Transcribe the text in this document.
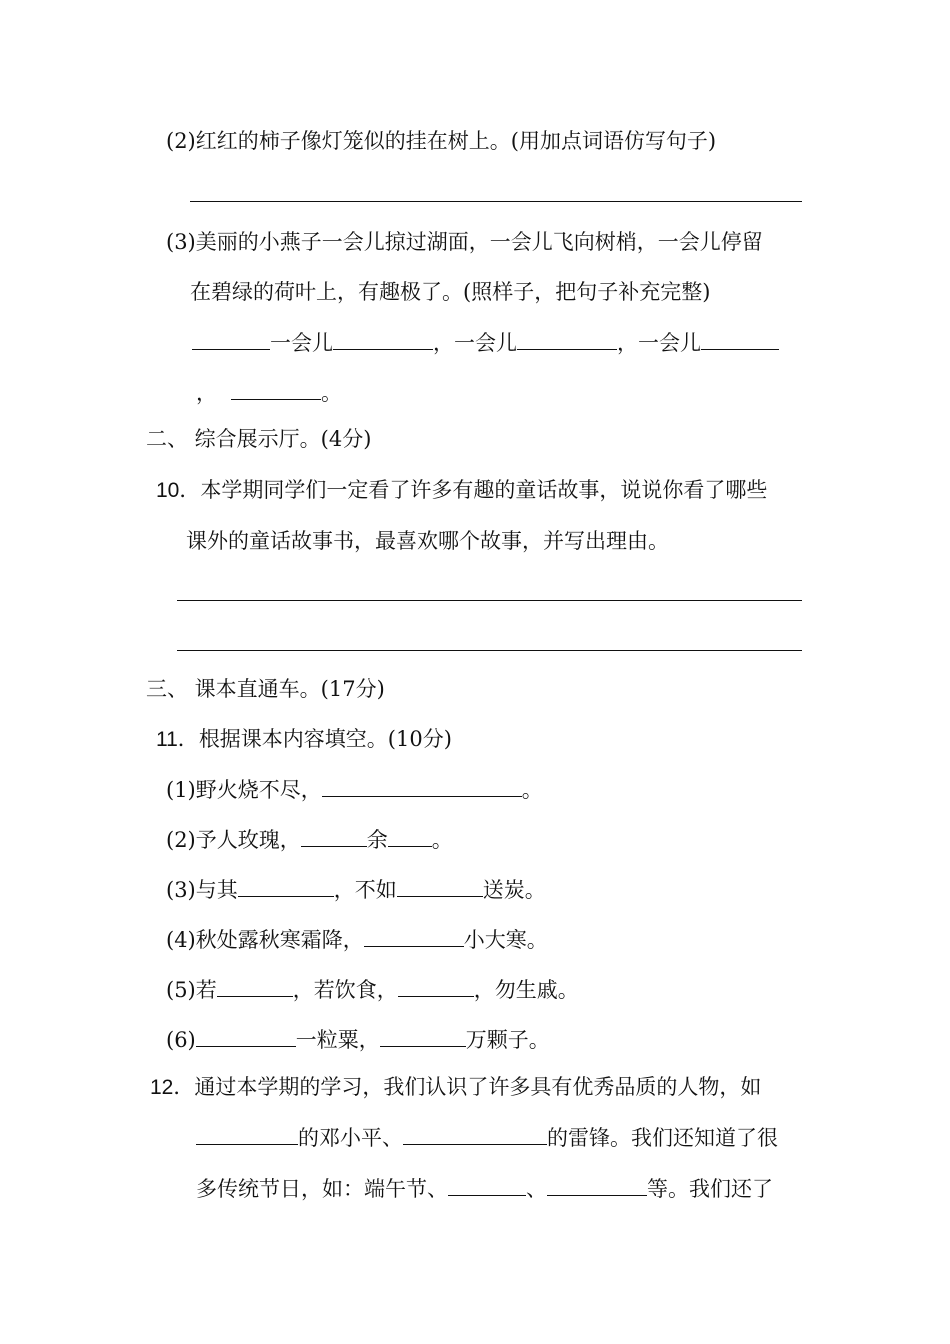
(2)红红的柿子像灯笼似的挂在树上。(用加点词语仿写句子)
(3)美丽的小燕子一会儿掠过湖面，一会儿飞向树梢，一会儿停留
在碧绿的荷叶上，有趣极了。(照样子，把句子补充完整)
一会儿	，一会儿	，一会儿
，	。
二、 综合展示厅。(4分)
10．本学期同学们一定看了许多有趣的童话故事，说说你看了哪些
课外的童话故事书，最喜欢哪个故事，并写出理由。
三、 课本直通车。(17分)
11．根据课本内容填空。(10分)
(1)野火烧不尽，	。
(2)予人玫瑰，	余 。
(3)与其	，不如	送炭。
(4)秋处露秋寒霜降，	小大寒。
(5)若	，若饮食，	，勿生戚。
(6)	一粒粟，	万颗子。
12．通过本学期的学习，我们认识了许多具有优秀品质的人物，如
的邓小平、	的雷锋。我们还知道了很
多传统节日，如：端午节、	、	等。我们还了
